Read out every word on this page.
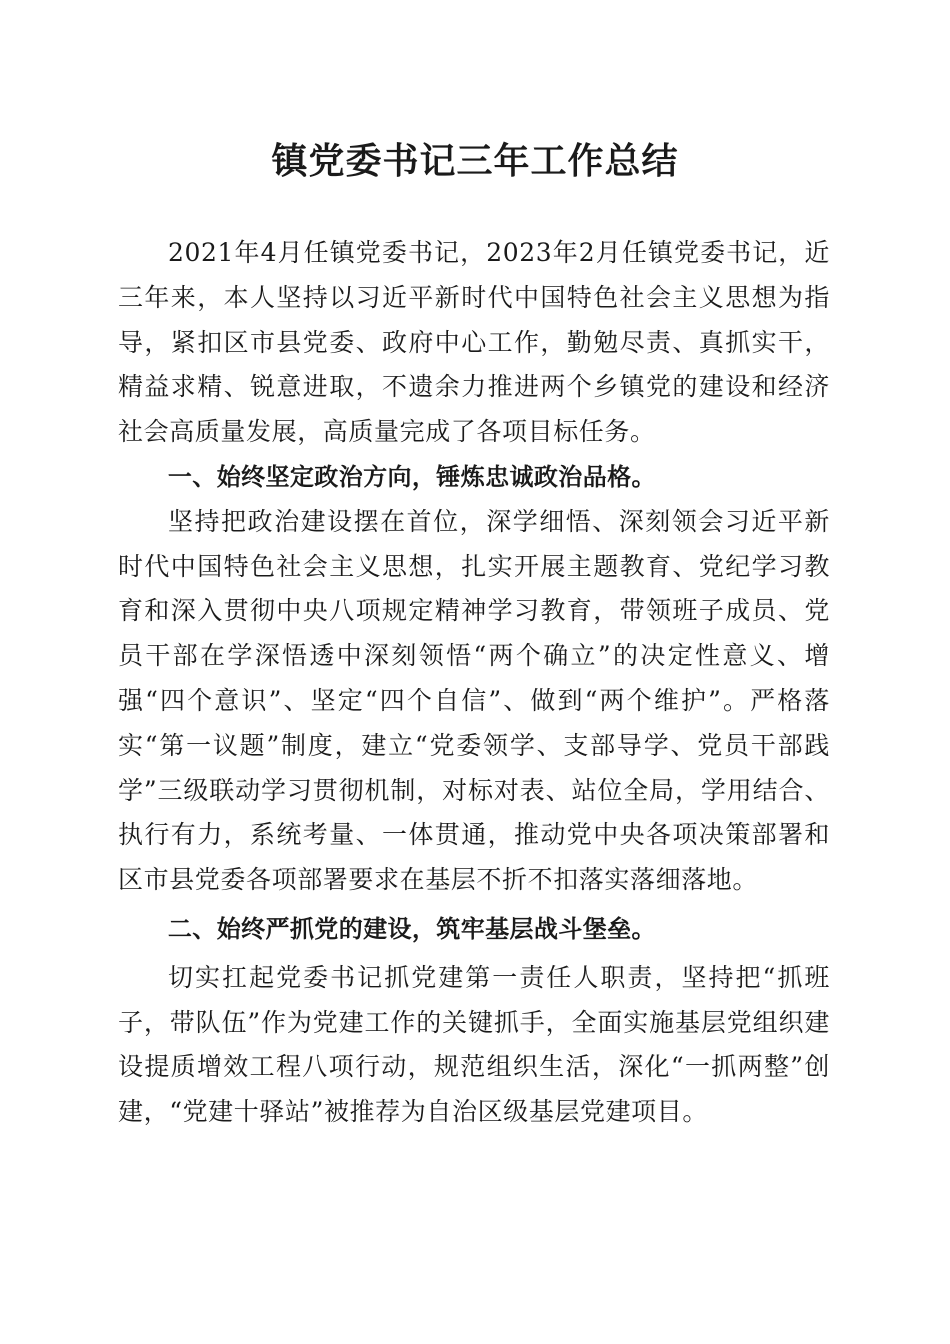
镇党委书记三年工作总结

2021年4月任镇党委书记，2023年2月任镇党委书记，近三年来，本人坚持以习近平新时代中国特色社会主义思想为指导，紧扣区市县党委、政府中心工作，勤勉尽责、真抓实干，精益求精、锐意进取，不遗余力推进两个乡镇党的建设和经济社会高质量发展，高质量完成了各项目标任务。

一、始终坚定政治方向，锤炼忠诚政治品格。

坚持把政治建设摆在首位，深学细悟、深刻领会习近平新时代中国特色社会主义思想，扎实开展主题教育、党纪学习教育和深入贯彻中央八项规定精神学习教育，带领班子成员、党员干部在学深悟透中深刻领悟“两个确立”的决定性意义、增强“四个意识”、坚定“四个自信”、做到“两个维护”。严格落实“第一议题”制度，建立“党委领学、支部导学、党员干部践学”三级联动学习贯彻机制，对标对表、站位全局，学用结合、执行有力，系统考量、一体贯通，推动党中央各项决策部署和区市县党委各项部署要求在基层不折不扣落实落细落地。

二、始终严抓党的建设，筑牢基层战斗堡垒。

切实扛起党委书记抓党建第一责任人职责，坚持把“抓班子，带队伍”作为党建工作的关键抓手，全面实施基层党组织建设提质增效工程八项行动，规范组织生活，深化“一抓两整”创建，“党建十驿站”被推荐为自治区级基层党建项目。
